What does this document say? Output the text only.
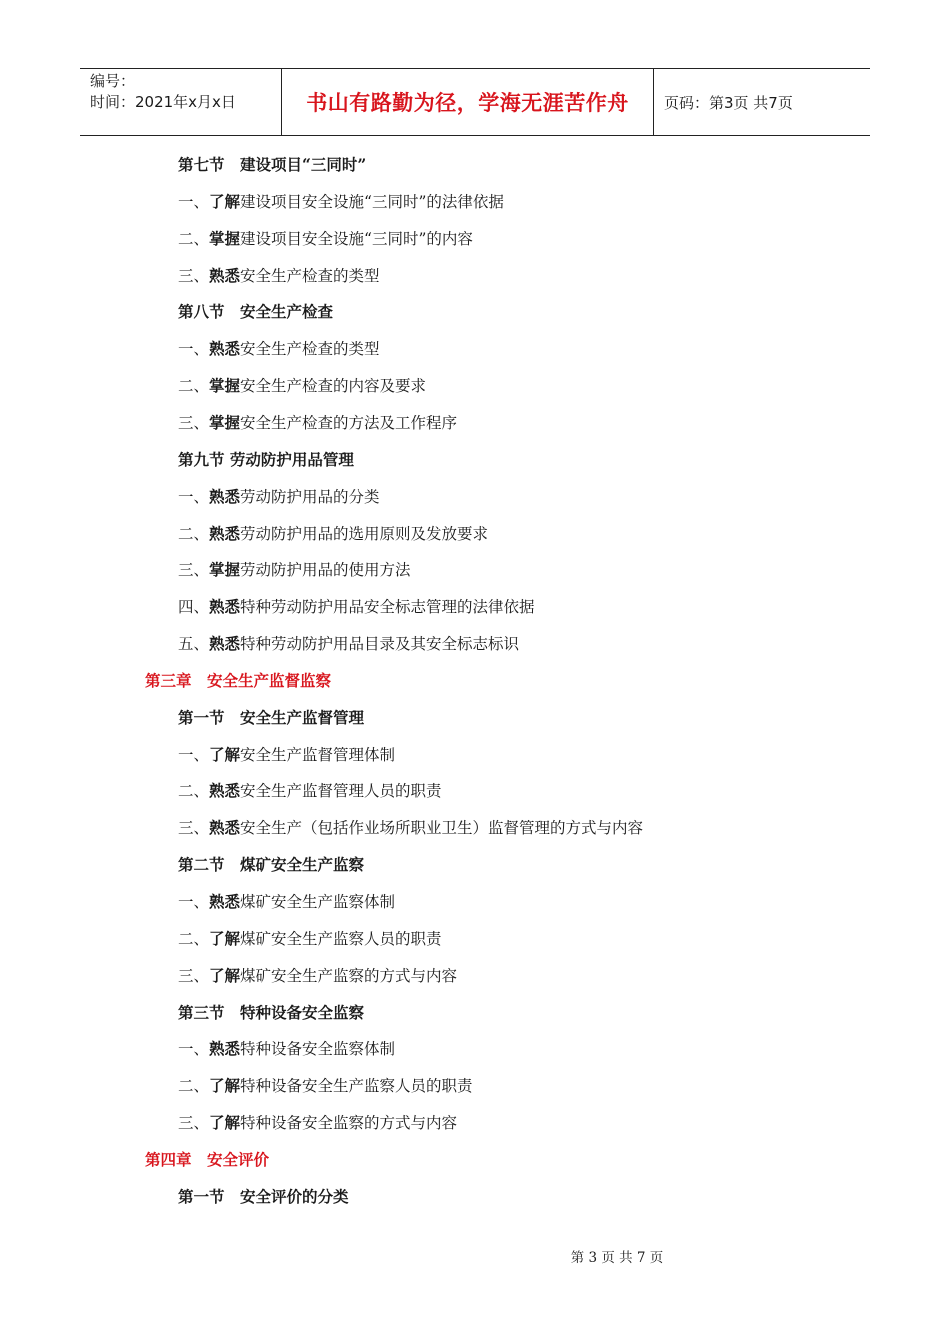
编号：
时间：2021年x月x日	书山有路勤为径，学海无涯苦作舟 页码：第3页 共7页
第七节　建设项目“三同时”
一、了解建设项目安全设施“三同时”的法律依据
二、掌握建设项目安全设施“三同时”的内容
三、熟悉安全生产检查的类型
第八节　安全生产检查
一、熟悉安全生产检查的类型
二、掌握安全生产检查的内容及要求
三、掌握安全生产检查的方法及工作程序
第九节 劳动防护用品管理
一、熟悉劳动防护用品的分类
二、熟悉劳动防护用品的选用原则及发放要求
三、掌握劳动防护用品的使用方法
四、熟悉特种劳动防护用品安全标志管理的法律依据
五、熟悉特种劳动防护用品目录及其安全标志标识
第三章　安全生产监督监察
第一节　安全生产监督管理
一、了解安全生产监督管理体制
二、熟悉安全生产监督管理人员的职责
三、熟悉安全生产（包括作业场所职业卫生）监督管理的方式与内容
第二节　煤矿安全生产监察
一、熟悉煤矿安全生产监察体制
二、了解煤矿安全生产监察人员的职责
三、了解煤矿安全生产监察的方式与内容
第三节　特种设备安全监察
一、熟悉特种设备安全监察体制
二、了解特种设备安全生产监察人员的职责
三、了解特种设备安全监察的方式与内容
第四章　安全评价
第一节　安全评价的分类
第 3 页 共 7 页
